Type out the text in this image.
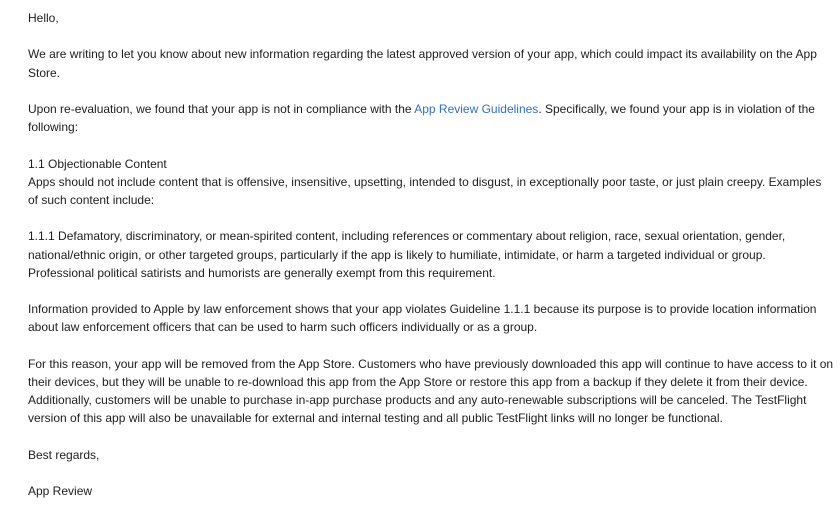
Hello,

We are writing to let you know about new information regarding the latest approved version of your app, which could impact its availability on the App Store.

Upon re-evaluation, we found that your app is not in compliance with the App Review Guidelines. Specifically, we found your app is in violation of the following:

1.1 Objectionable Content
Apps should not include content that is offensive, insensitive, upsetting, intended to disgust, in exceptionally poor taste, or just plain creepy. Examples of such content include:

1.1.1 Defamatory, discriminatory, or mean-spirited content, including references or commentary about religion, race, sexual orientation, gender, national/ethnic origin, or other targeted groups, particularly if the app is likely to humiliate, intimidate, or harm a targeted individual or group. Professional political satirists and humorists are generally exempt from this requirement.

Information provided to Apple by law enforcement shows that your app violates Guideline 1.1.1 because its purpose is to provide location information about law enforcement officers that can be used to harm such officers individually or as a group.

For this reason, your app will be removed from the App Store. Customers who have previously downloaded this app will continue to have access to it on their devices, but they will be unable to re-download this app from the App Store or restore this app from a backup if they delete it from their device. Additionally, customers will be unable to purchase in-app purchase products and any auto-renewable subscriptions will be canceled. The TestFlight version of this app will also be unavailable for external and internal testing and all public TestFlight links will no longer be functional.

Best regards,

App Review
